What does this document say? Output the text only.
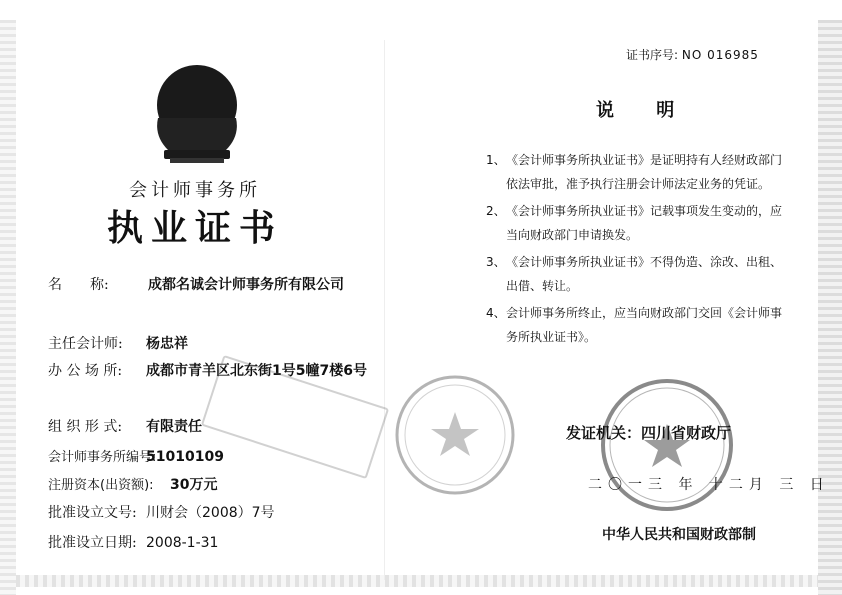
会计师事务所
执业证书
名　　称:	成都名诚会计师事务所有限公司
主任会计师:	杨忠祥
办 公 场 所:	成都市青羊区北东街1号5幢7楼6号
组 织 形 式:	有限责任
会计师事务所编号:
51010109
注册资本(出资额):	30万元
批准设立文号: 川财会（2008）7号
批准设立日期: 2008-1-31
证书序号: NO 016985
说 明
1、 《会计师事务所执业证书》是证明持有人经财政部门依法审批，准予执行注册会计师法定业务的凭证。
2、 《会计师事务所执业证书》记载事项发生变动的，应当向财政部门申请换发。
3、 《会计师事务所执业证书》不得伪造、涂改、出租、出借、转让。
4、 会计师事务所终止，应当向财政部门交回《会计师事务所执业证书》。
发证机关：四川省财政厅
二〇一三 年 十二月 三 日
中华人民共和国财政部制
